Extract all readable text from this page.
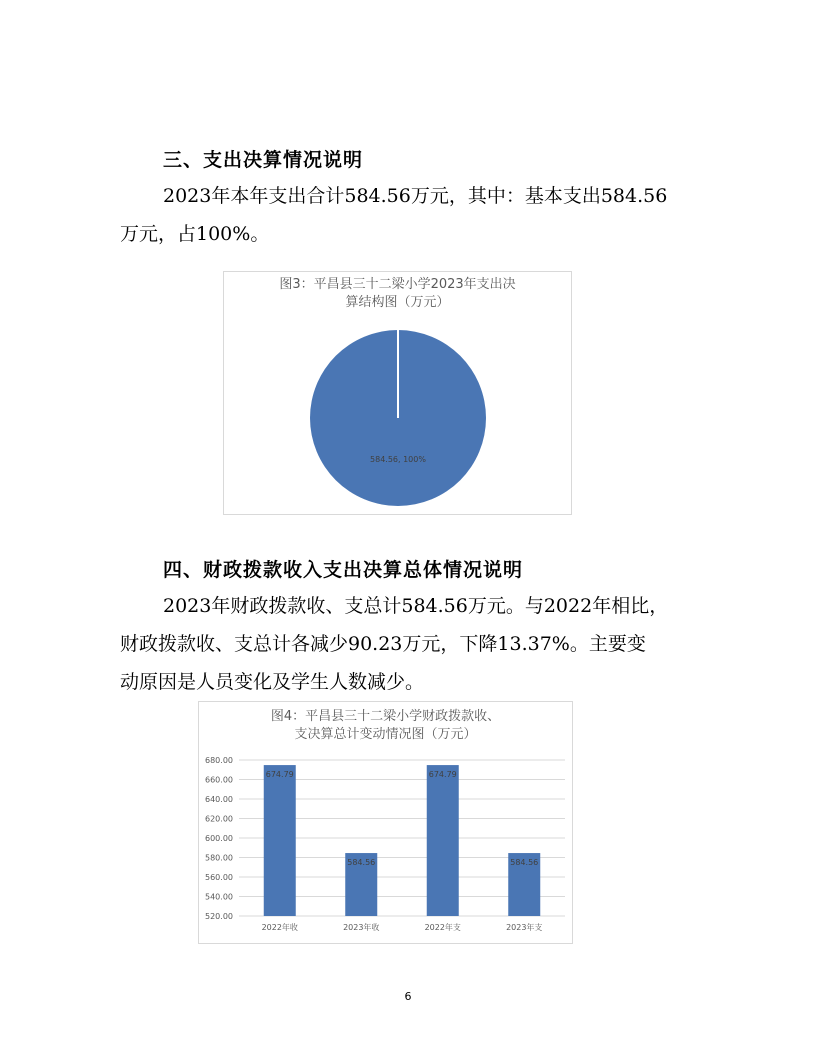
三、支出决算情况说明
2023年本年支出合计584.56万元，其中：基本支出584.56
万元，占100%。
图3：平昌县三十二梁小学2023年支出决
算结构图（万元）
584.56, 100%
四、财政拨款收入支出决算总体情况说明
2023年财政拨款收、支总计584.56万元。与2022年相比，
财政拨款收、支总计各减少90.23万元，下降13.37%。主要变
动原因是人员变化及学生人数减少。
图4：平昌县三十二梁小学财政拨款收、
支决算总计变动情况图（万元）
520.00
540.00
560.00
580.00
600.00
620.00
640.00
660.00
680.00
674.79
2022年收
584.56
2023年收
674.79
2022年支
584.56
2023年支
6
